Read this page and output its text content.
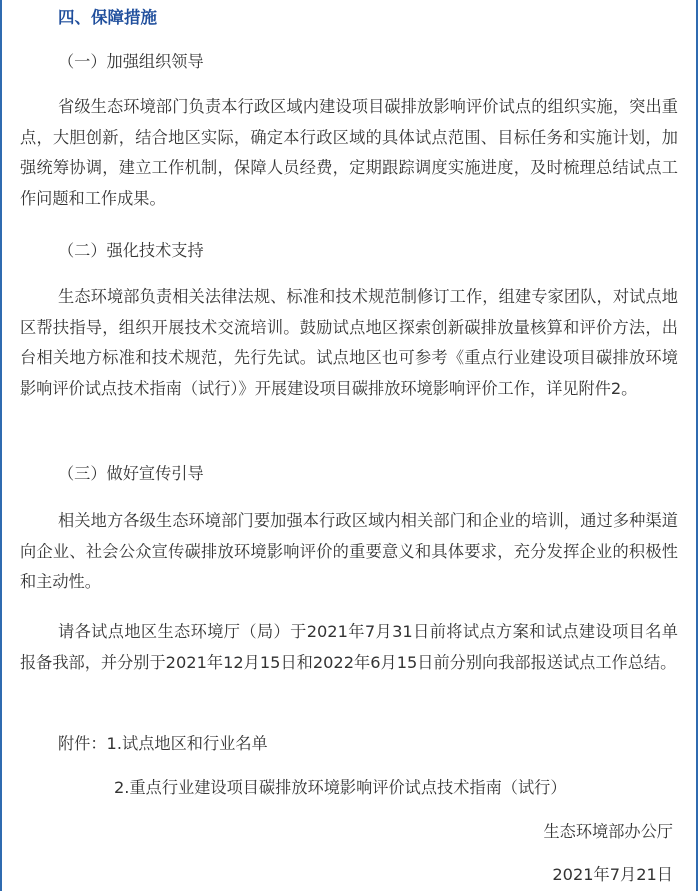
四、保障措施
（一）加强组织领导
省级生态环境部门负责本行政区域内建设项目碳排放影响评价试点的组织实施，突出重点，大胆创新，结合地区实际，确定本行政区域的具体试点范围、目标任务和实施计划，加强统筹协调，建立工作机制，保障人员经费，定期跟踪调度实施进度，及时梳理总结试点工作问题和工作成果。
（二）强化技术支持
生态环境部负责相关法律法规、标准和技术规范制修订工作，组建专家团队，对试点地区帮扶指导，组织开展技术交流培训。鼓励试点地区探索创新碳排放量核算和评价方法，出台相关地方标准和技术规范，先行先试。试点地区也可参考《重点行业建设项目碳排放环境影响评价试点技术指南（试行）》开展建设项目碳排放环境影响评价工作，详见附件2。
（三）做好宣传引导
相关地方各级生态环境部门要加强本行政区域内相关部门和企业的培训，通过多种渠道向企业、社会公众宣传碳排放环境影响评价的重要意义和具体要求，充分发挥企业的积极性和主动性。
请各试点地区生态环境厅（局）于2021年7月31日前将试点方案和试点建设项目名单报备我部，并分别于2021年12月15日和2022年6月15日前分别向我部报送试点工作总结。
附件：1.试点地区和行业名单
2.重点行业建设项目碳排放环境影响评价试点技术指南（试行）
生态环境部办公厅
2021年7月21日
